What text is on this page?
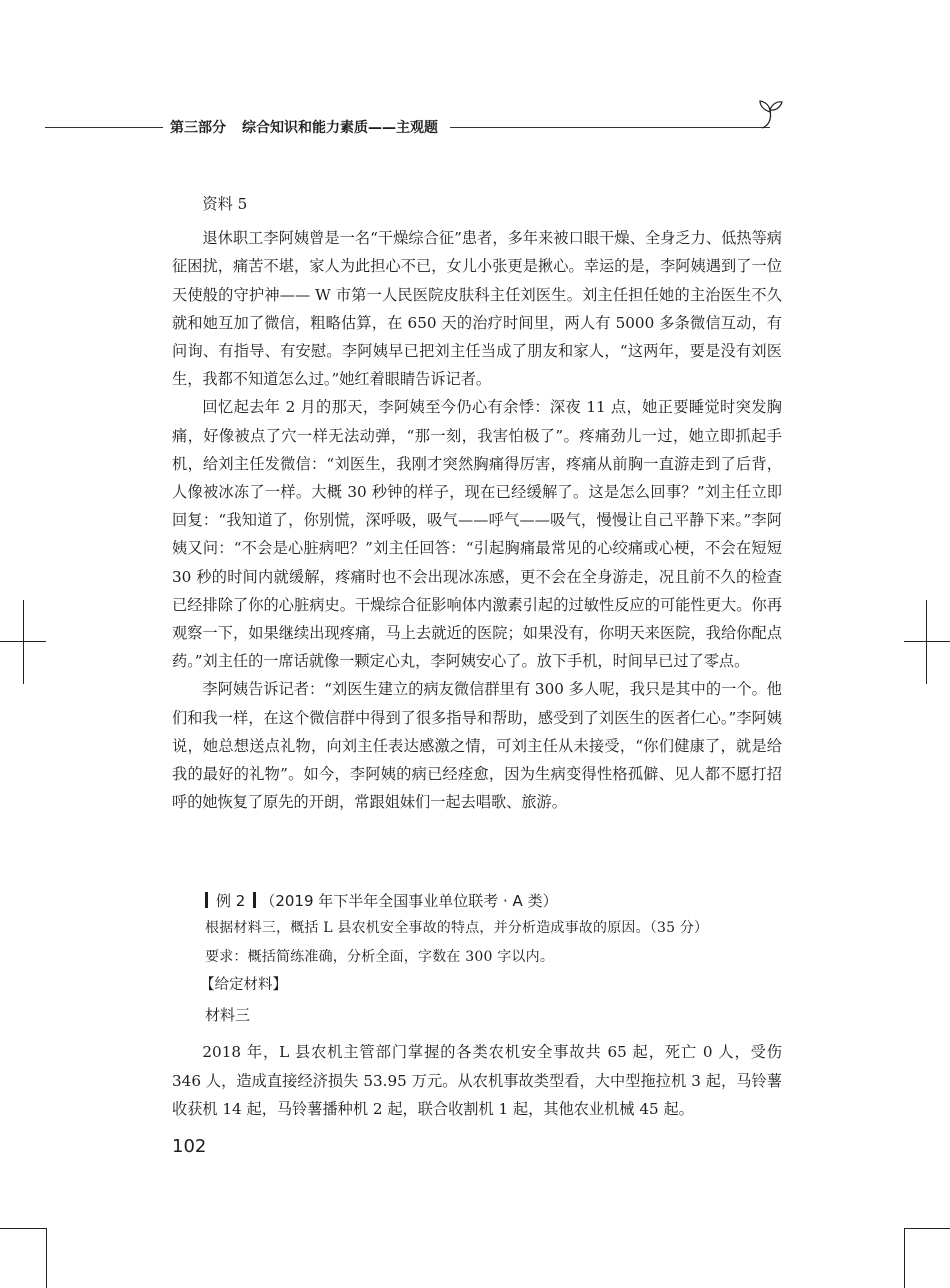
第三部分 综合知识和能力素质——主观题

资料 5

退休职工李阿姨曾是一名“干燥综合征”患者，多年来被口眼干燥、全身乏力、低热等病征困扰，痛苦不堪，家人为此担心不已，女儿小张更是揪心。幸运的是，李阿姨遇到了一位天使般的守护神—— W 市第一人民医院皮肤科主任刘医生。刘主任担任她的主治医生不久就和她互加了微信，粗略估算，在 650 天的治疗时间里，两人有 5000 多条微信互动，有问询、有指导、有安慰。李阿姨早已把刘主任当成了朋友和家人，“这两年，要是没有刘医生，我都不知道怎么过。”她红着眼睛告诉记者。

回忆起去年 2 月的那天，李阿姨至今仍心有余悸：深夜 11 点，她正要睡觉时突发胸痛，好像被点了穴一样无法动弹，“那一刻，我害怕极了”。疼痛劲儿一过，她立即抓起手机，给刘主任发微信：“刘医生，我刚才突然胸痛得厉害，疼痛从前胸一直游走到了后背，人像被冰冻了一样。大概 30 秒钟的样子，现在已经缓解了。这是怎么回事？”刘主任立即回复：“我知道了，你别慌，深呼吸，吸气——呼气——吸气，慢慢让自己平静下来。”李阿姨又问：“不会是心脏病吧？”刘主任回答：“引起胸痛最常见的心绞痛或心梗，不会在短短 30 秒的时间内就缓解，疼痛时也不会出现冰冻感，更不会在全身游走，况且前不久的检查已经排除了你的心脏病史。干燥综合征影响体内激素引起的过敏性反应的可能性更大。你再观察一下，如果继续出现疼痛，马上去就近的医院；如果没有，你明天来医院，我给你配点药。”刘主任的一席话就像一颗定心丸，李阿姨安心了。放下手机，时间早已过了零点。

李阿姨告诉记者：“刘医生建立的病友微信群里有 300 多人呢，我只是其中的一个。他们和我一样，在这个微信群中得到了很多指导和帮助，感受到了刘医生的医者仁心。”李阿姨说，她总想送点礼物，向刘主任表达感激之情，可刘主任从未接受，“你们健康了，就是给我的最好的礼物”。如今，李阿姨的病已经痊愈，因为生病变得性格孤僻、见人都不愿打招呼的她恢复了原先的开朗，常跟姐妹们一起去唱歌、旅游。

例 2 （2019 年下半年全国事业单位联考 · A 类）
根据材料三，概括 L 县农机安全事故的特点，并分析造成事故的原因。（35 分）
要求：概括简练准确，分析全面，字数在 300 字以内。
【给定材料】
材料三

2018 年，L 县农机主管部门掌握的各类农机安全事故共 65 起，死亡 0 人，受伤 346 人，造成直接经济损失 53.95 万元。从农机事故类型看，大中型拖拉机 3 起，马铃薯收获机 14 起，马铃薯播种机 2 起，联合收割机 1 起，其他农业机械 45 起。

102
